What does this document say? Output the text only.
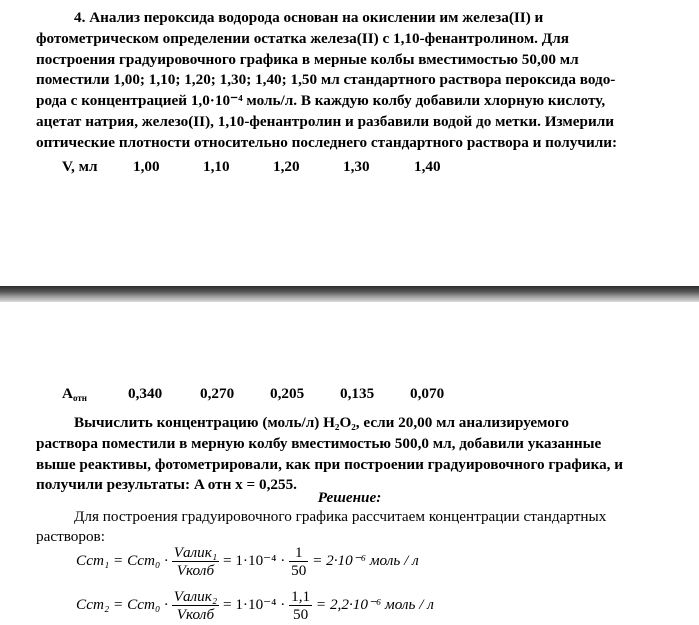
4. Анализ пероксида водорода основан на окислении им железа(II) и
фотометрическом определении остатка железа(II) с 1,10-фенантролином. Для
построения градуировочного графика в мерные колбы вместимостью 50,00 мл
поместили 1,00; 1,10; 1,20; 1,30; 1,40; 1,50 мл стандартного раствора пероксида водо-
рода с концентрацией 1,0·10⁻⁴ моль/л. В каждую колбу добавили хлорную кислоту,
ацетат натрия, железо(II), 1,10-фенантролин и разбавили водой до метки. Измерили
оптические плотности относительно последнего стандартного раствора и получили:
V, мл 1,00	1,10	1,20	1,30	1,40
$A_{отн}$	0,340 0,270 0,205 0,135 0,070
Вычислить концентрацию (моль/л) H₂O₂, если 20,00 мл анализируемого
раствора поместили в мерную колбу вместимостью 500,0 мл, добавили указанные
выше реактивы, фотометрировали, как при построении градуировочного графика, и
получили результаты: A отн х = 0,255.
Решение:
Для построения градуировочного графика рассчитаем концентрации стандартных
растворов:
$Сст_1 = Сст_0 \cdot \frac{\text{Vалик₁}}{\text{Vколб}} = 1\cdot 10^{-4} \cdot \frac{1}{50} = 2\cdot 10^{-6}$ моль / л
$Сст_2 = Сст_0 \cdot \frac{\text{Vалик₂}}{\text{Vколб}} = 1\cdot 10^{-4} \cdot \frac{1,1}{50} = 2,2\cdot 10^{-6}$ моль / л
